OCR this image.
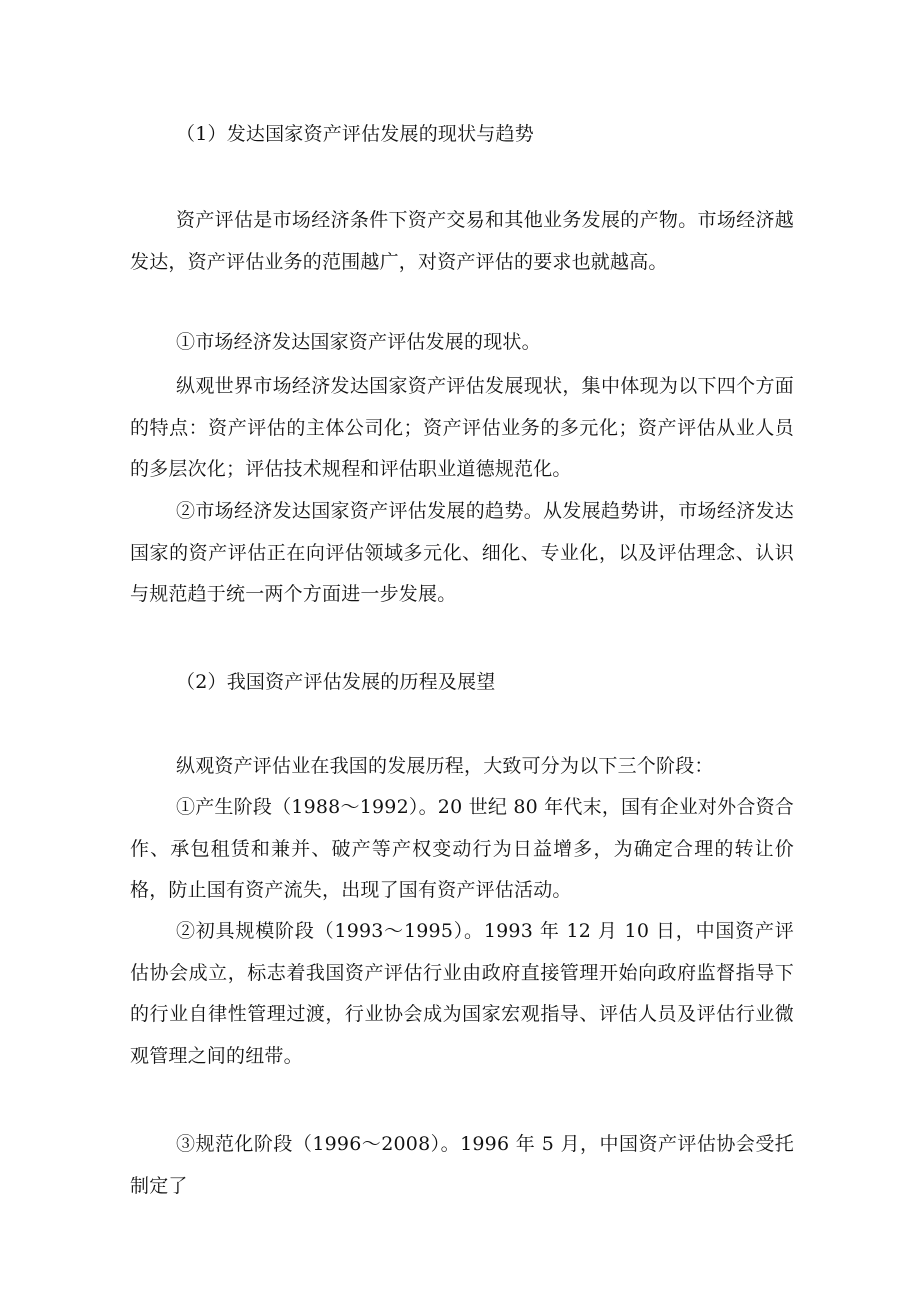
（1）发达国家资产评估发展的现状与趋势
资产评估是市场经济条件下资产交易和其他业务发展的产物。市场经济越发达，资产评估业务的范围越广，对资产评估的要求也就越高。
①市场经济发达国家资产评估发展的现状。
纵观世界市场经济发达国家资产评估发展现状，集中体现为以下四个方面的特点：资产评估的主体公司化；资产评估业务的多元化；资产评估从业人员的多层次化；评估技术规程和评估职业道德规范化。
②市场经济发达国家资产评估发展的趋势。从发展趋势讲，市场经济发达国家的资产评估正在向评估领域多元化、细化、专业化，以及评估理念、认识与规范趋于统一两个方面进一步发展。
（2）我国资产评估发展的历程及展望
纵观资产评估业在我国的发展历程，大致可分为以下三个阶段：
①产生阶段（1988～1992）。20 世纪 80 年代末，国有企业对外合资合作、承包租赁和兼并、破产等产权变动行为日益增多，为确定合理的转让价格，防止国有资产流失，出现了国有资产评估活动。
②初具规模阶段（1993～1995）。1993 年 12 月 10 日，中国资产评估协会成立，标志着我国资产评估行业由政府直接管理开始向政府监督指导下的行业自律性管理过渡，行业协会成为国家宏观指导、评估人员及评估行业微观管理之间的纽带。
③规范化阶段（1996～2008）。1996 年 5 月，中国资产评估协会受托制定了
